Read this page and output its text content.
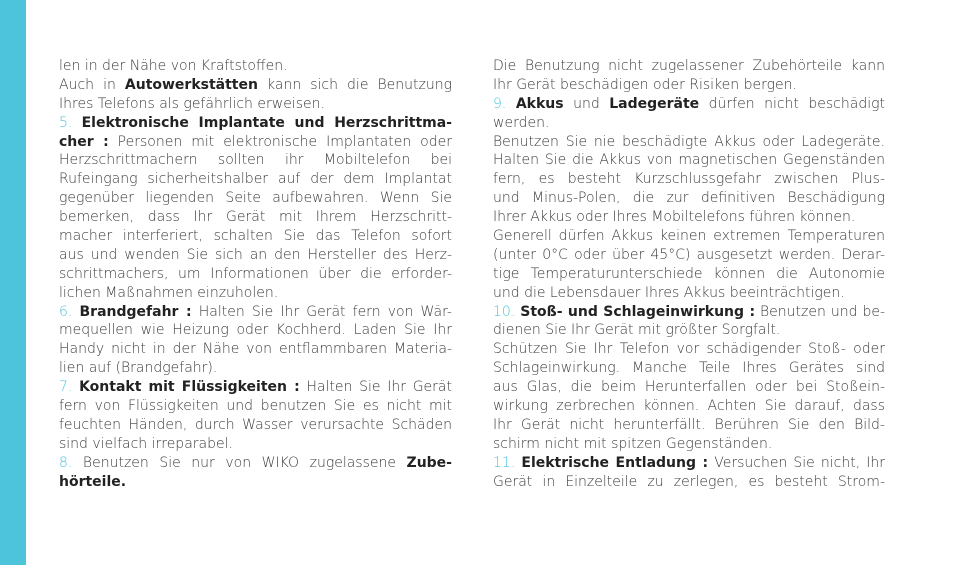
len in der Nähe von Kraftstoffen.
Auch in Autowerkstätten kann sich die Benutzung
Ihres Telefons als gefährlich erweisen.
5. Elektronische Implantate und Herzschrittma-
cher : Personen mit elektronische Implantaten oder
Herzschrittmachern sollten ihr Mobiltelefon bei
Rufeingang sicherheitshalber auf der dem Implantat
gegenüber liegenden Seite aufbewahren. Wenn Sie
bemerken, dass Ihr Gerät mit Ihrem Herzschritt-
macher interferiert, schalten Sie das Telefon sofort
aus und wenden Sie sich an den Hersteller des Herz-
schrittmachers, um Informationen über die erforder-
lichen Maßnahmen einzuholen.
6. Brandgefahr : Halten Sie Ihr Gerät fern von Wär-
mequellen wie Heizung oder Kochherd. Laden Sie Ihr
Handy nicht in der Nähe von entflammbaren Materia-
lien auf (Brandgefahr).
7. Kontakt mit Flüssigkeiten : Halten Sie Ihr Gerät
fern von Flüssigkeiten und benutzen Sie es nicht mit
feuchten Händen, durch Wasser verursachte Schäden
sind vielfach irreparabel.
8. Benutzen Sie nur von WIKO zugelassene Zube-
hörteile.
Die Benutzung nicht zugelassener Zubehörteile kann
Ihr Gerät beschädigen oder Risiken bergen.
9. Akkus und Ladegeräte dürfen nicht beschädigt
werden.
Benutzen Sie nie beschädigte Akkus oder Ladegeräte.
Halten Sie die Akkus von magnetischen Gegenständen
fern, es besteht Kurzschlussgefahr zwischen Plus-
und Minus-Polen, die zur definitiven Beschädigung
Ihrer Akkus oder Ihres Mobiltelefons führen können.
Generell dürfen Akkus keinen extremen Temperaturen
(unter 0°C oder über 45°C) ausgesetzt werden. Derar-
tige Temperaturunterschiede können die Autonomie
und die Lebensdauer Ihres Akkus beeinträchtigen.
10. Stoß- und Schlageinwirkung : Benutzen und be-
dienen Sie Ihr Gerät mit größter Sorgfalt.
Schützen Sie Ihr Telefon vor schädigender Stoß- oder
Schlageinwirkung. Manche Teile Ihres Gerätes sind
aus Glas, die beim Herunterfallen oder bei Stoßein-
wirkung zerbrechen können. Achten Sie darauf, dass
Ihr Gerät nicht herunterfällt. Berühren Sie den Bild-
schirm nicht mit spitzen Gegenständen.
11. Elektrische Entladung : Versuchen Sie nicht, Ihr
Gerät in Einzelteile zu zerlegen, es besteht Strom-
